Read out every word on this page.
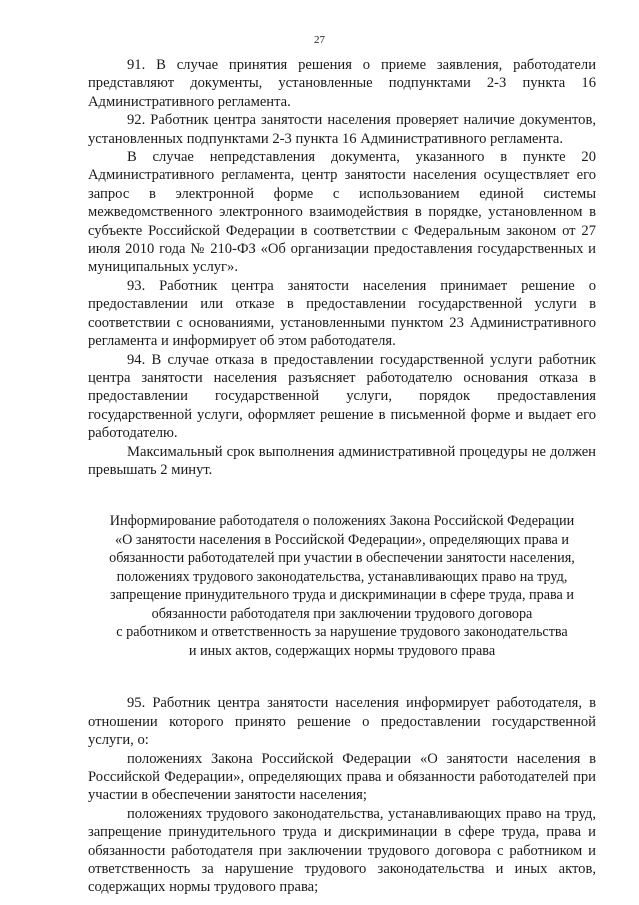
27

91. В случае принятия решения о приеме заявления, работодатели представляют документы, установленные подпунктами 2-3 пункта 16 Административного регламента.

92. Работник центра занятости населения проверяет наличие документов, установленных подпунктами 2-3 пункта 16 Административного регламента.

В случае непредставления документа, указанного в пункте 20 Административного регламента, центр занятости населения осуществляет его запрос в электронной форме с использованием единой системы межведомственного электронного взаимодействия в порядке, установленном в субъекте Российской Федерации в соответствии с Федеральным законом от 27 июля 2010 года № 210-ФЗ «Об организации предоставления государственных и муниципальных услуг».

93. Работник центра занятости населения принимает решение о предоставлении или отказе в предоставлении государственной услуги в соответствии с основаниями, установленными пунктом 23 Административного регламента и информирует об этом работодателя.

94. В случае отказа в предоставлении государственной услуги работник центра занятости населения разъясняет работодателю основания отказа в предоставлении государственной услуги, порядок предоставления государственной услуги, оформляет решение в письменной форме и выдает его работодателю.

Максимальный срок выполнения административной процедуры не должен превышать 2 минут.

Информирование работодателя о положениях Закона Российской Федерации
«О занятости населения в Российской Федерации», определяющих права и
обязанности работодателей при участии в обеспечении занятости населения,
положениях трудового законодательства, устанавливающих право на труд,
запрещение принудительного труда и дискриминации в сфере труда, права и
обязанности работодателя при заключении трудового договора
с работником и ответственность за нарушение трудового законодательства
и иных актов, содержащих нормы трудового права

95. Работник центра занятости населения информирует работодателя, в отношении которого принято решение о предоставлении государственной услуги, о:

положениях Закона Российской Федерации «О занятости населения в Российской Федерации», определяющих права и обязанности работодателей при участии в обеспечении занятости населения;

положениях трудового законодательства, устанавливающих право на труд, запрещение принудительного труда и дискриминации в сфере труда, права и обязанности работодателя при заключении трудового договора с работником и ответственность за нарушение трудового законодательства и иных актов, содержащих нормы трудового права;
